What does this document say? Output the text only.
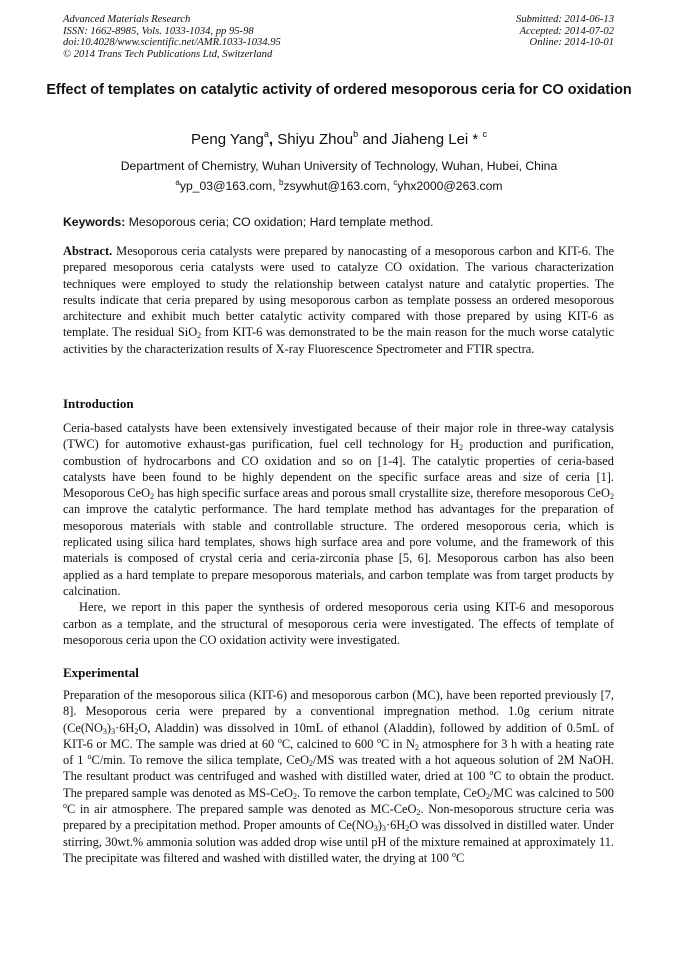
Advanced Materials Research
ISSN: 1662-8985, Vols. 1033-1034, pp 95-98
doi:10.4028/www.scientific.net/AMR.1033-1034.95
© 2014 Trans Tech Publications Ltd, Switzerland
Submitted: 2014-06-13
Accepted: 2014-07-02
Online: 2014-10-01
Effect of templates on catalytic activity of ordered mesoporous ceria for CO oxidation
Peng Yang$^a$, Shiyu Zhou$^b$ and Jiaheng Lei * $^c$
Department of Chemistry, Wuhan University of Technology, Wuhan, Hubei, China
$^a$yp_03@163.com, $^b$zsywhut@163.com, $^c$yhx2000@263.com
Keywords: Mesoporous ceria; CO oxidation; Hard template method.

Abstract. Mesoporous ceria catalysts were prepared by nanocasting of a mesoporous carbon and KIT-6. The prepared mesoporous ceria catalysts were used to catalyze CO oxidation. The various characterization techniques were employed to study the relationship between catalyst nature and catalytic properties. The results indicate that ceria prepared by using mesoporous carbon as template possess an ordered mesoporous architecture and exhibit much better catalytic activity compared with those prepared by using KIT-6 as template. The residual SiO$_2$ from KIT-6 was demonstrated to be the main reason for the much worse catalytic activities by the characterization results of X-ray Fluorescence Spectrometer and FTIR spectra.

Introduction

Ceria-based catalysts have been extensively investigated because of their major role in three-way catalysis (TWC) for automotive exhaust-gas purification, fuel cell technology for $H_2$ production and purification, combustion of hydrocarbons and CO oxidation and so on [1-4]. The catalytic properties of ceria-based catalysts have been found to be highly dependent on the specific surface areas and size of ceria [1]. Mesoporous CeO$_2$ has high specific surface areas and porous small crystallite size, therefore mesoporous CeO$_2$ can improve the catalytic performance. The hard template method has advantages for the preparation of mesoporous materials with stable and controllable structure. The ordered mesoporous ceria, which is replicated using silica hard templates, shows high surface area and pore volume, and the framework of this materials is composed of crystal ceria and ceria-zirconia phase [5, 6]. Mesoporous carbon has also been applied as a hard template to prepare mesoporous materials, and carbon template was from target products by calcination.

Here, we report in this paper the synthesis of ordered mesoporous ceria using KIT-6 and mesoporous carbon as a template, and the structural of mesoporous ceria were investigated. The effects of template of mesoporous ceria upon the CO oxidation activity were investigated.

Experimental

Preparation of the mesoporous silica (KIT-6) and mesoporous carbon (MC), have been reported previously [7, 8]. Mesoporous ceria were prepared by a conventional impregnation method. 1.0g cerium nitrate ($Ce(NO_3)_3\cdot 6H_2O$, Aladdin) was dissolved in 10mL of ethanol (Aladdin), followed by addition of 0.5mL of KIT-6 or MC. The sample was dried at 60 $^o$C, calcined to 600 $^o$C in $N_2$ atmosphere for 3 h with a heating rate of 1 $^o$C/min. To remove the silica template, CeO$_2$/MS was treated with a hot aqueous solution of 2M NaOH. The resultant product was centrifuged and washed with distilled water, dried at 100 $^o$C to obtain the product. The prepared sample was denoted as MS-CeO$_2$. To remove the carbon template, CeO$_2$/MC was calcined to 500 $^o$C in air atmosphere. The prepared sample was denoted as MC-CeO$_2$. Non-mesoporous structure ceria was prepared by a precipitation method. Proper amounts of $Ce(NO_3)_3\cdot 6H_2O$ was dissolved in distilled water. Under stirring, 30wt.% ammonia solution was added drop wise until pH of the mixture remained at approximately 11. The precipitate was filtered and washed with distilled water, the drying at 100 $^o$C
